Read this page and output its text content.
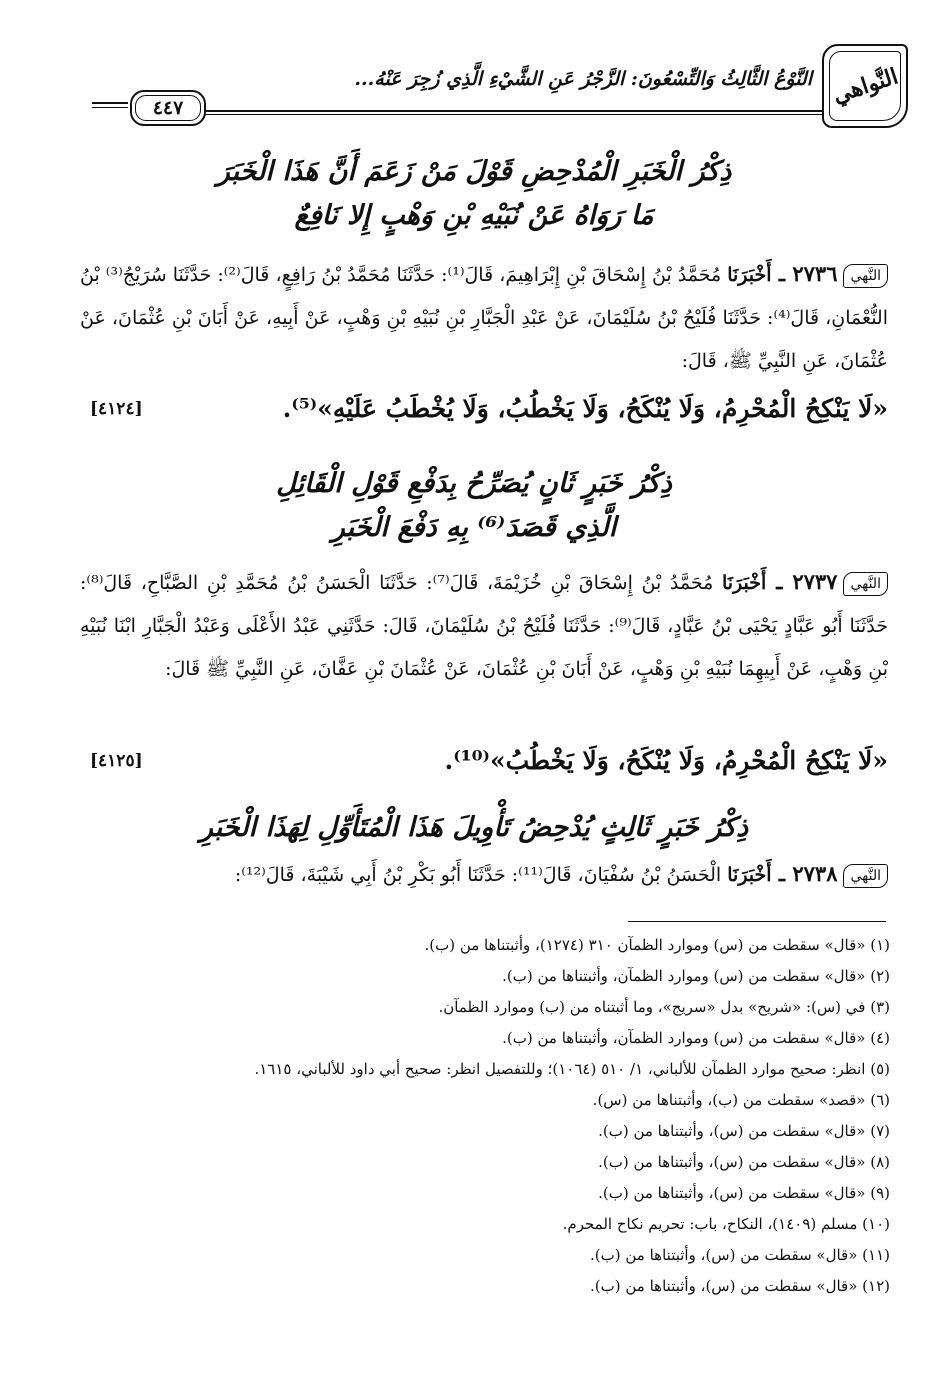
النَّواهي
النَّوْعُ الثَّالِثُ وَالتِّسْعُونَ: الزَّجْرُ عَنِ الشَّيْءِ الَّذِي زُجِرَ عَنْهُ...
٤٤٧
ذِكْرُ الْخَبَرِ الْمُدْحِضِ قَوْلَ مَنْ زَعَمَ أَنَّ هَذَا الْخَبَرَ
مَا رَوَاهُ عَنْ نُبَيْهِ بْنِ وَهْبٍ إِلا نَافِعٌ
النَّهي٢٧٣٦ ـ أَخْبَرَنَا مُحَمَّدُ بْنُ إِسْحَاقَ بْنِ إِبْرَاهِيمَ، قَالَ⁽¹⁾: حَدَّثَنَا مُحَمَّدُ بْنُ رَافِعٍ، قَالَ⁽²⁾: حَدَّثَنَا سُرَيْجُ⁽³⁾ بْنُ النُّعْمَانِ، قَالَ⁽⁴⁾: حَدَّثَنَا فُلَيْحُ بْنُ سُلَيْمَانَ، عَنْ عَبْدِ الْجَبَّارِ بْنِ نُبَيْهِ بْنِ وَهْبٍ، عَنْ أَبِيهِ، عَنْ أَبَانَ بْنِ عُثْمَانَ، عَنْ عُثْمَانَ، عَنِ النَّبِيِّ ﷺ، قَالَ:
«لَا يَنْكِحُ الْمُحْرِمُ، وَلَا يُنْكَحُ، وَلَا يَخْطُبُ، وَلَا يُخْطَبُ عَلَيْهِ»⁽⁵⁾.
[٤١٢٤]
ذِكْرُ خَبَرٍ ثَانٍ يُصَرِّحُ بِدَفْعِ قَوْلِ الْقَائِلِ
الَّذِي قَصَدَ⁽⁶⁾ بِهِ دَفْعَ الْخَبَرِ
النَّهي٢٧٣٧ ـ أَخْبَرَنَا مُحَمَّدُ بْنُ إِسْحَاقَ بْنِ خُزَيْمَةَ، قَالَ⁽⁷⁾: حَدَّثَنَا الْحَسَنُ بْنُ مُحَمَّدِ بْنِ الصَّبَّاحِ، قَالَ⁽⁸⁾: حَدَّثَنَا أَبُو عَبَّادٍ يَحْيَى بْنُ عَبَّادٍ، قَالَ⁽⁹⁾: حَدَّثَنَا فُلَيْحُ بْنُ سُلَيْمَانَ، قَالَ: حَدَّثَنِي عَبْدُ الأَعْلَى وَعَبْدُ الْجَبَّارِ ابْنَا نُبَيْهِ بْنِ وَهْبٍ، عَنْ أَبِيهِمَا نُبَيْهِ بْنِ وَهْبٍ، عَنْ أَبَانَ بْنِ عُثْمَانَ، عَنْ عُثْمَانَ بْنِ عَفَّانَ، عَنِ النَّبِيِّ ﷺ قَالَ:
«لَا يَنْكِحُ الْمُحْرِمُ، وَلَا يُنْكَحُ، وَلَا يَخْطُبُ»⁽¹⁰⁾.
[٤١٢٥]
ذِكْرُ خَبَرٍ ثَالِثٍ يُدْحِضُ تَأْوِيلَ هَذَا الْمُتَأَوِّلِ لِهَذَا الْخَبَرِ
النَّهي٢٧٣٨ ـ أَخْبَرَنَا الْحَسَنُ بْنُ سُفْيَانَ، قَالَ⁽¹¹⁾: حَدَّثَنَا أَبُو بَكْرِ بْنُ أَبِي شَيْبَةَ، قَالَ⁽¹²⁾:
(١) «قال» سقطت من (س) وموارد الظمآن ٣١٠ (١٢٧٤)، وأثبتناها من (ب).
(٢) «قال» سقطت من (س) وموارد الظمآن، وأثبتناها من (ب).
(٣) في (س): «شريح» بدل «سريج»، وما أثبتناه من (ب) وموارد الظمآن.
(٤) «قال» سقطت من (س) وموارد الظمآن، وأثبتناها من (ب).
(٥) انظر: صحيح موارد الظمآن للألباني، ١/ ٥١٠ (١٠٦٤)؛ وللتفصيل انظر: صحيح أبي داود للألباني، ١٦١٥.
(٦) «قصد» سقطت من (ب)، وأثبتناها من (س).
(٧) «قال» سقطت من (س)، وأثبتناها من (ب).
(٨) «قال» سقطت من (س)، وأثبتناها من (ب).
(٩) «قال» سقطت من (س)، وأثبتناها من (ب).
(١٠) مسلم (١٤٠٩)، النكاح، باب: تحريم نكاح المحرم.
(١١) «قال» سقطت من (س)، وأثبتناها من (ب).
(١٢) «قال» سقطت من (س)، وأثبتناها من (ب).
